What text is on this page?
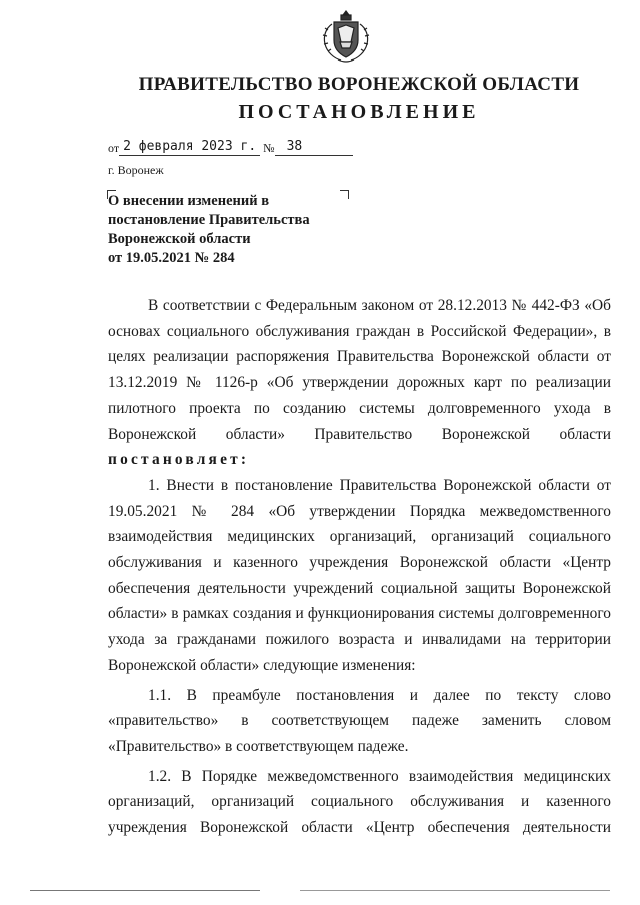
ПРАВИТЕЛЬСТВО ВОРОНЕЖСКОЙ ОБЛАСТИ
ПОСТАНОВЛЕНИЕ
от 2 февраля 2023 г. № 38
г. Воронеж
О внесении изменений в
постановление Правительства
Воронежской области
от 19.05.2021 № 284

В соответствии с Федеральным законом от 28.12.2013 № 442-ФЗ «Об основах социального обслуживания граждан в Российской Федерации», в целях реализации распоряжения Правительства Воронежской области от 13.12.2019 № 1126-р «Об утверждении дорожных карт по реализации пилотного проекта по созданию системы долговременного ухода в Воронежской области» Правительство Воронежской области

постановляет:

1. Внести в постановление Правительства Воронежской области от 19.05.2021 № 284 «Об утверждении Порядка межведомственного взаимодействия медицинских организаций, организаций социального обслуживания и казенного учреждения Воронежской области «Центр обеспечения деятельности учреждений социальной защиты Воронежской области» в рамках создания и функционирования системы долговременного ухода за гражданами пожилого возраста и инвалидами на территории Воронежской области» следующие изменения:

1.1. В преамбуле постановления и далее по тексту слово «правительство» в соответствующем падеже заменить словом «Правительство» в соответствующем падеже.

1.2. В Порядке межведомственного взаимодействия медицинских организаций, организаций социального обслуживания и казенного учреждения Воронежской области «Центр обеспечения деятельности
